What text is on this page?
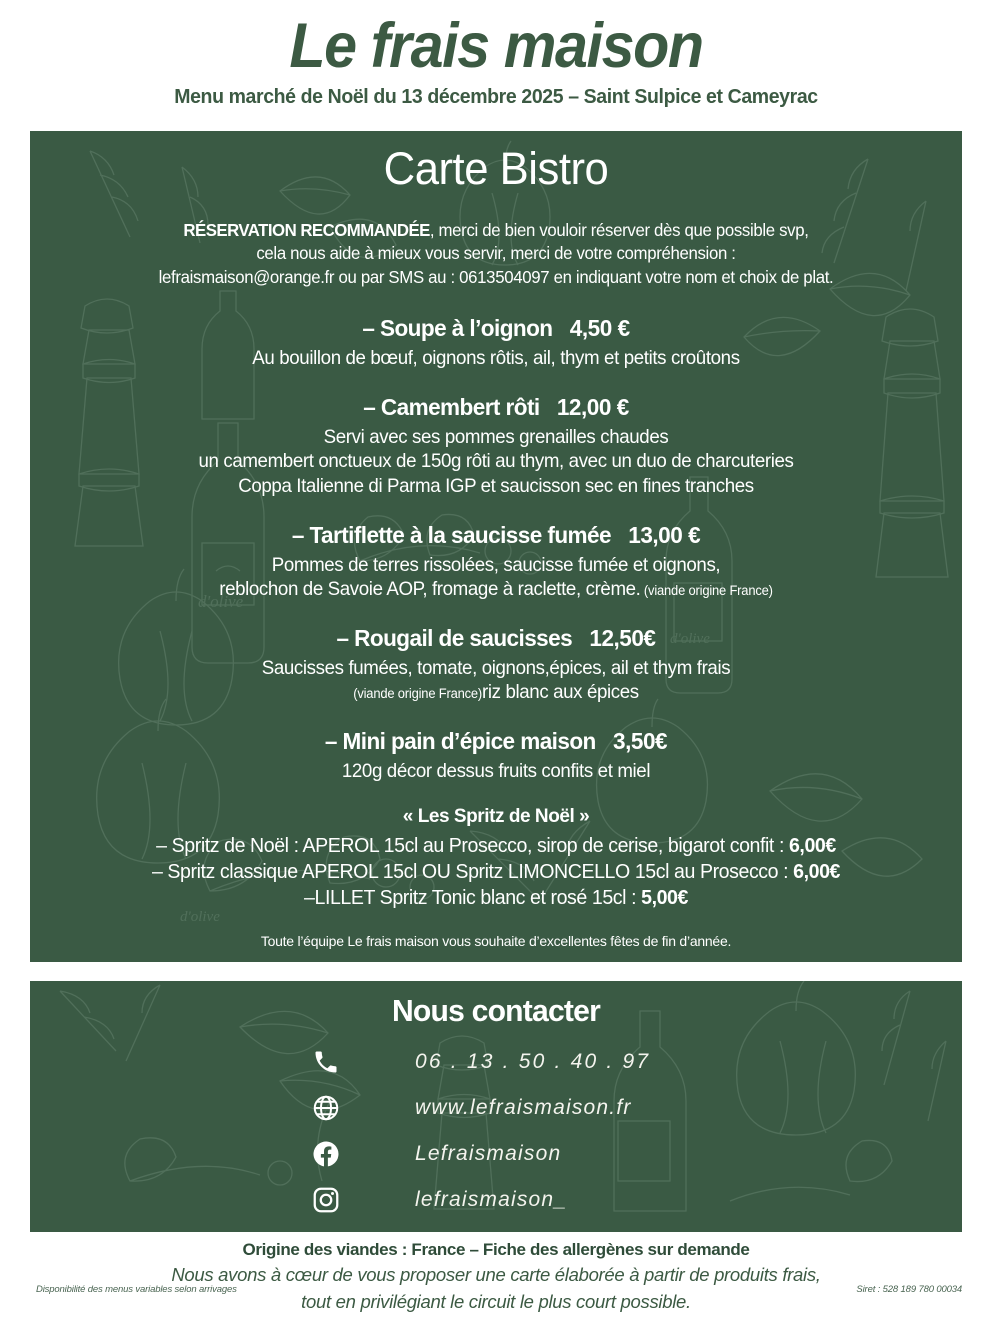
Le frais maison
Menu marché de Noël du 13 décembre 2025 – Saint Sulpice et Cameyrac
d'olive
d'olive
d'olive
Carte Bistro
RÉSERVATION RECOMMANDÉE, merci de bien vouloir réserver dès que possible svp,
cela nous aide à mieux vous servir, merci de votre compréhension :
lefraismaison@orange.fr ou par SMS au : 0613504097 en indiquant votre nom et choix de plat.
– Soupe à l’oignon 4,50 €
Au bouillon de bœuf, oignons rôtis, ail, thym et petits croûtons
– Camembert rôti 12,00 €
Servi avec ses pommes grenailles chaudes
un camembert onctueux de 150g rôti au thym, avec un duo de charcuteries
Coppa Italienne di Parma IGP et saucisson sec en fines tranches
– Tartiflette à la saucisse fumée 13,00 €
Pommes de terres rissolées, saucisse fumée et oignons,
reblochon de Savoie AOP, fromage à raclette, crème. (viande origine France)
– Rougail de saucisses 12,50€
Saucisses fumées, tomate, oignons,épices, ail et thym frais
(viande origine France)riz blanc aux épices
– Mini pain d’épice maison 3,50€
120g décor dessus fruits confits et miel
« Les Spritz de Noël »
– Spritz de Noël : APEROL 15cl au Prosecco, sirop de cerise, bigarot confit : 6,00€
– Spritz classique APEROL 15cl OU Spritz LIMONCELLO 15cl au Prosecco : 6,00€
–LILLET Spritz Tonic blanc et rosé 15cl : 5,00€
Toute l’équipe Le frais maison vous souhaite d’excellentes fêtes de fin d’année.
Nous contacter
06 . 13 . 50 . 40 . 97
www.lefraismaison.fr
Lefraismaison
lefraismaison_
Origine des viandes : France – Fiche des allergènes sur demande
Nous avons à cœur de vous proposer une carte élaborée à partir de produits frais,
tout en privilégiant le circuit le plus court possible.
Disponibilité des menus variables selon arrivages	Siret : 528 189 780 00034
